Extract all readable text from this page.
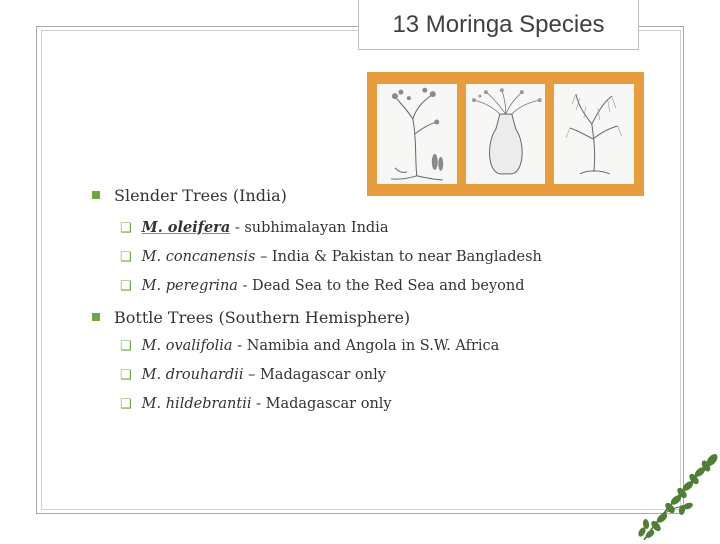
13 Moringa Species
Slender Trees (India)
❑ M. oleifera - subhimalayan India
❑ M. concanensis – India & Pakistan to near Bangladesh
❑ M. peregrina - Dead Sea to the Red Sea and beyond
Bottle Trees (Southern Hemisphere)
❑ M. ovalifolia - Namibia and Angola in S.W. Africa
❑ M. drouhardii – Madagascar only
❑ M. hildebrantii - Madagascar only
